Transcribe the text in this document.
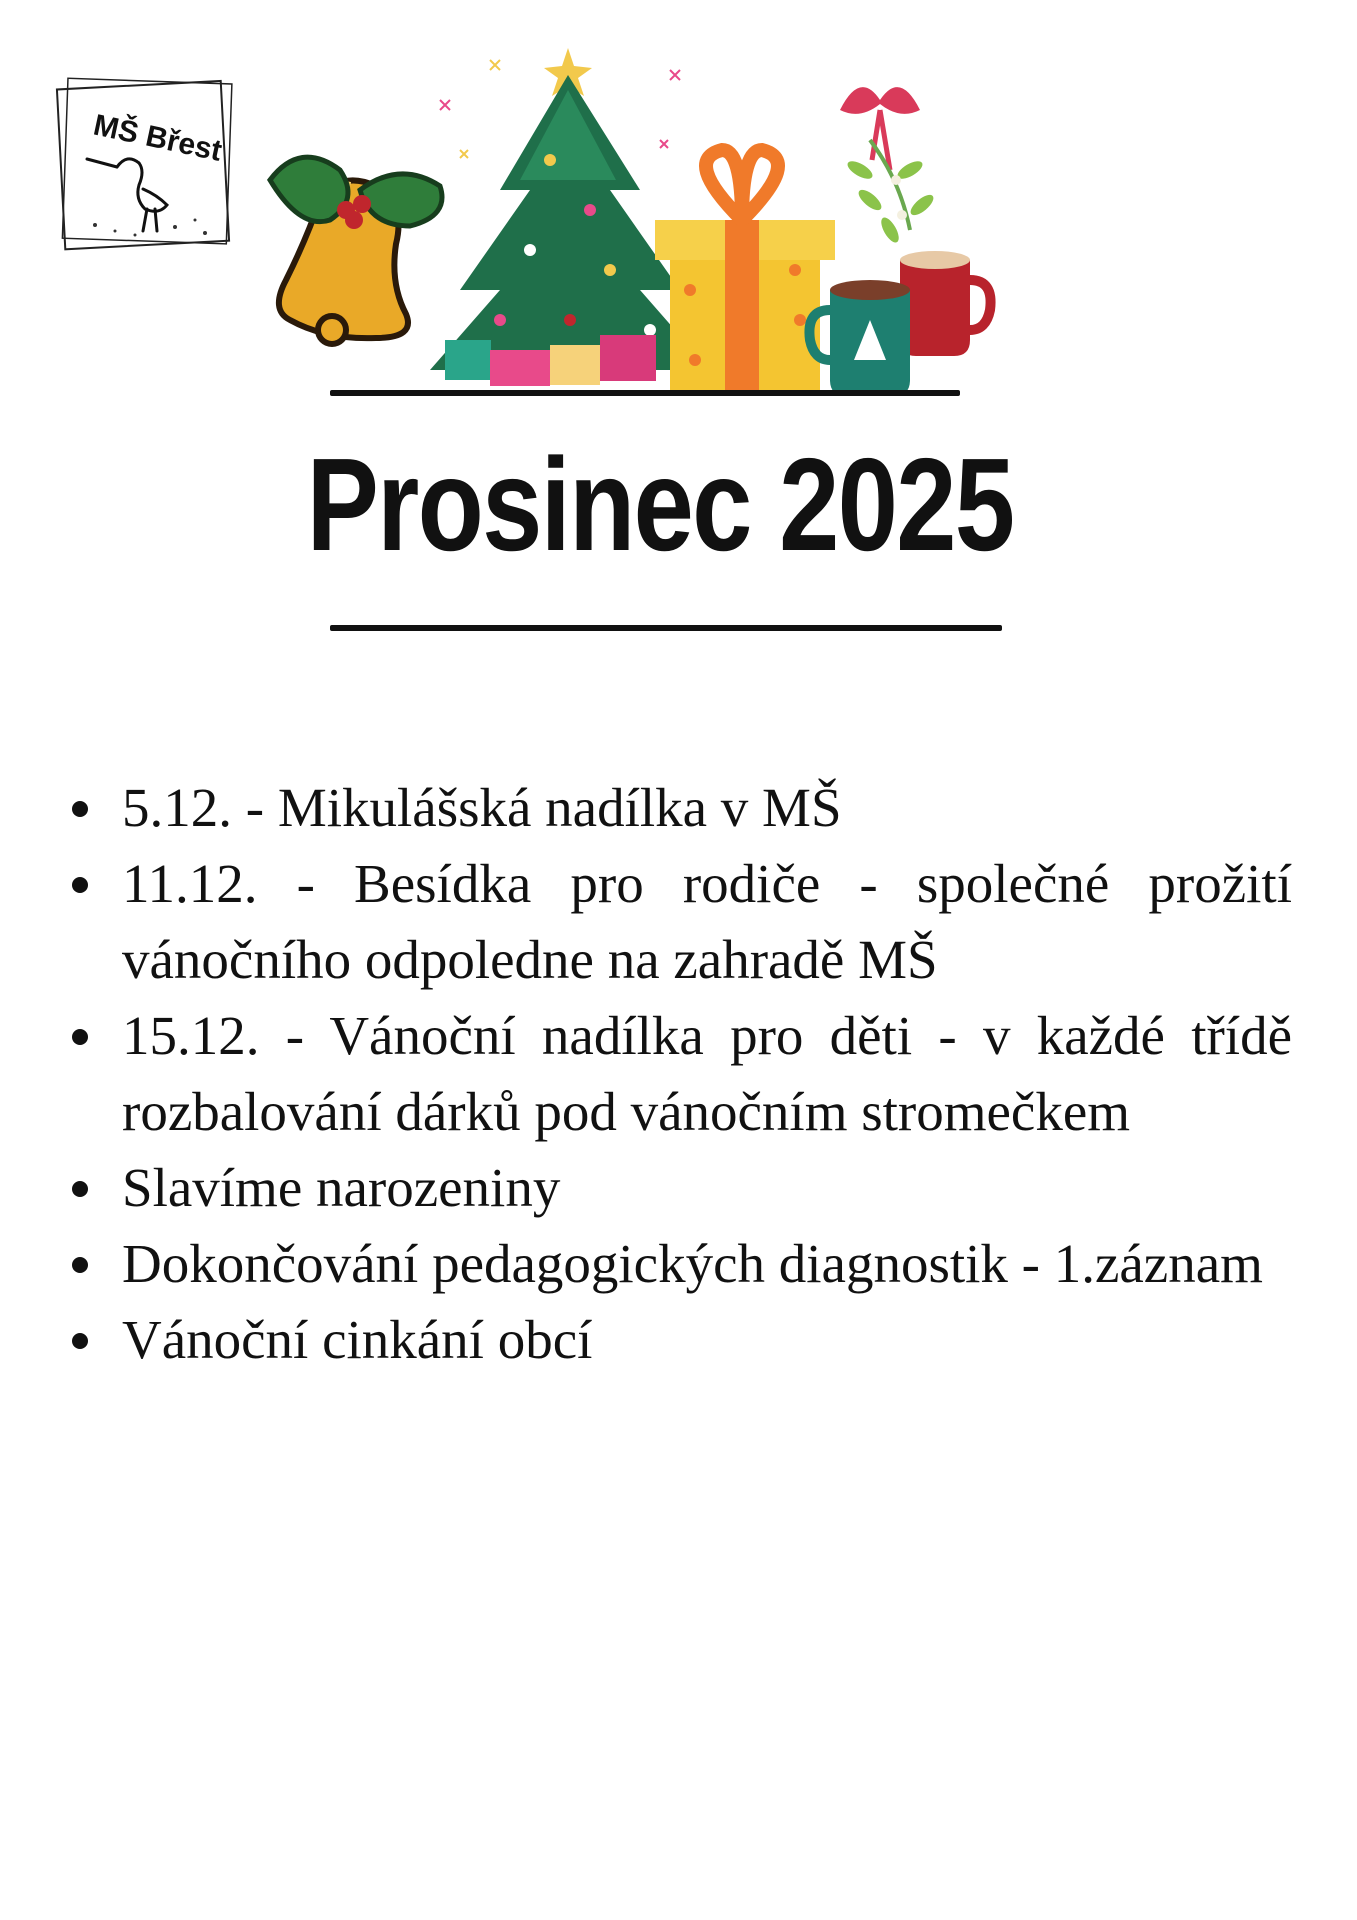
MŠ Břest
Prosinec 2025
5.12. - Mikulášská nadílka v MŠ
11.12. - Besídka pro rodiče - společné prožití vánočního odpoledne na zahradě MŠ
15.12. - Vánoční nadílka pro děti - v každé třídě rozbalování dárků pod vánočním stromečkem
Slavíme narozeniny
Dokončování pedagogických diagnostik - 1.záznam
Vánoční cinkání obcí
